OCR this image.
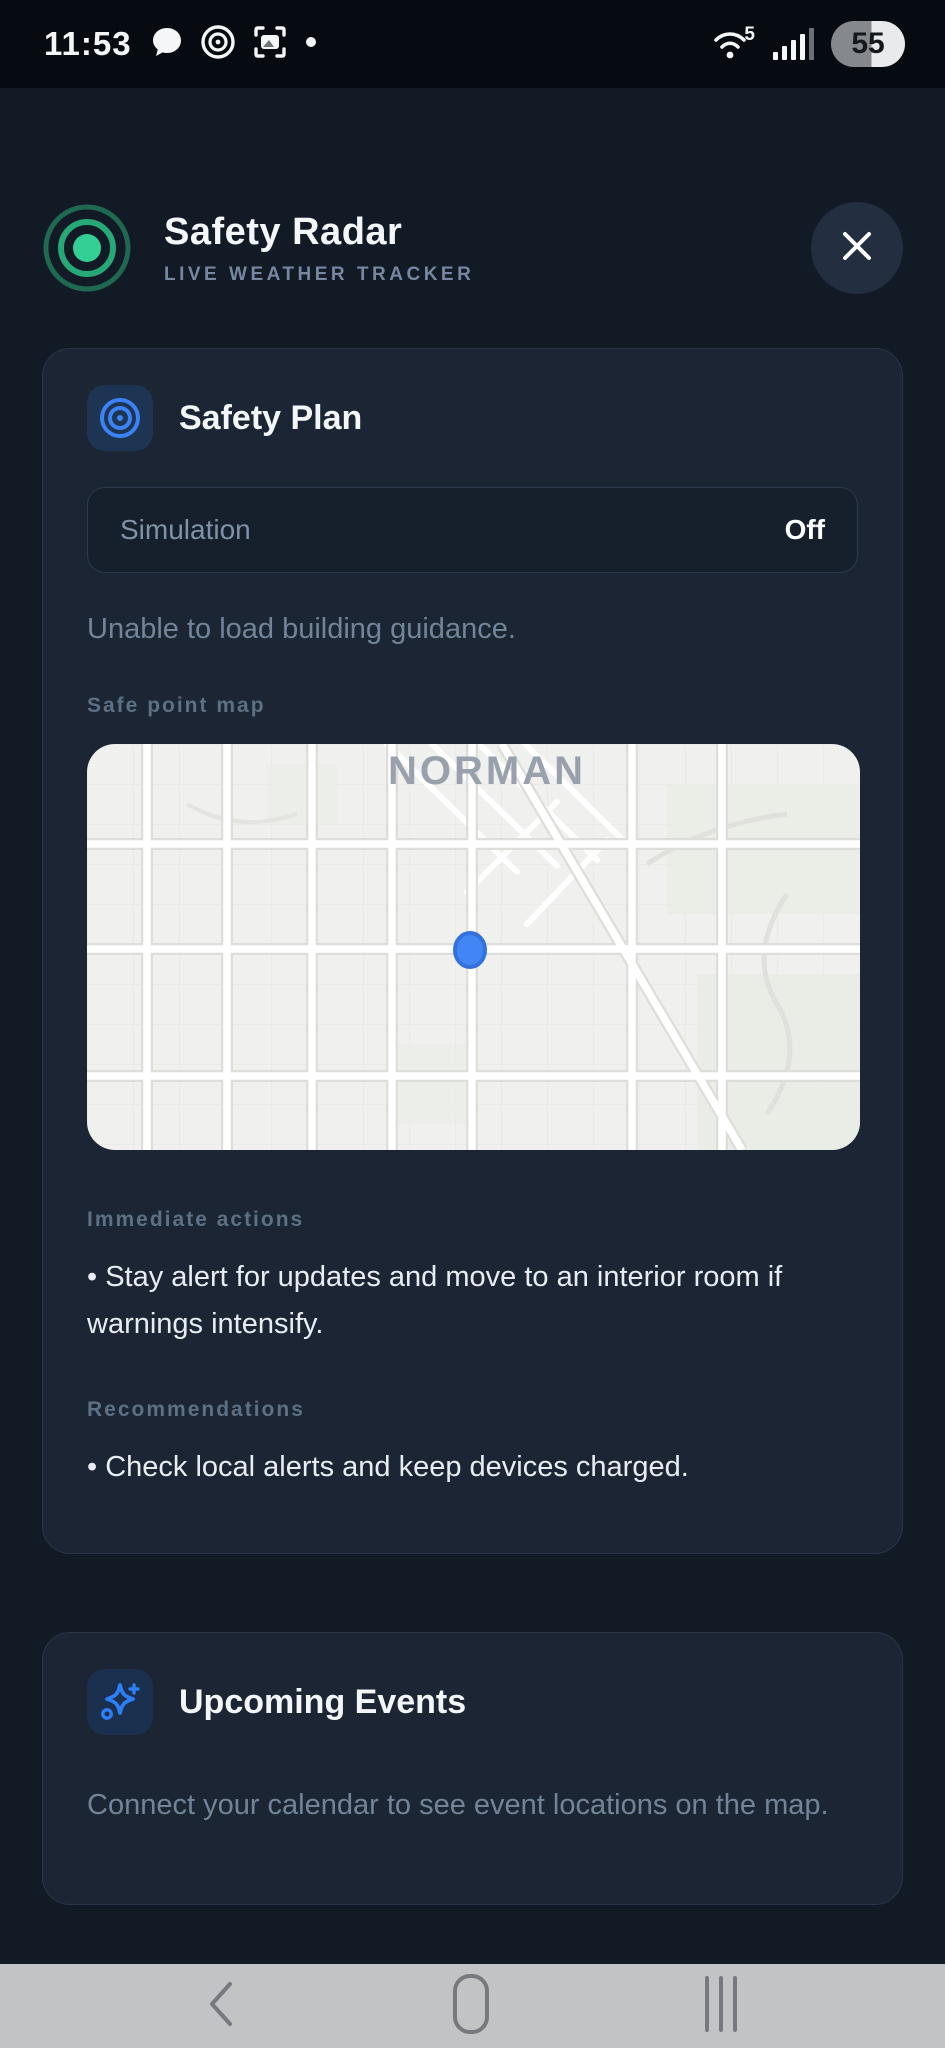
11:53	5	55
Safety Radar
LIVE WEATHER TRACKER
Safety Plan
Simulation	Off
Unable to load building guidance.
Safe point map
NORMAN
Immediate actions
• Stay alert for updates and move to an interior room if warnings intensify.
Recommendations
• Check local alerts and keep devices charged.
Upcoming Events
Connect your calendar to see event locations on the map.
